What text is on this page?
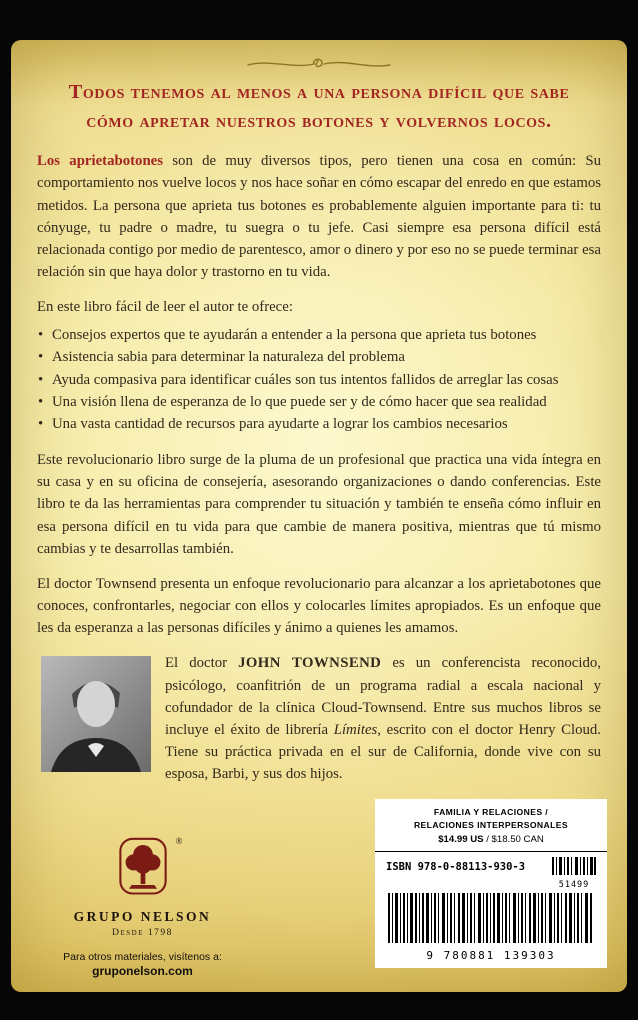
Todos tenemos al menos a una persona difícil que sabe cómo apretar nuestros botones y volvernos locos.

Los aprietabotones son de muy diversos tipos, pero tienen una cosa en común: Su comportamiento nos vuelve locos y nos hace soñar en cómo escapar del enredo en que estamos metidos. La persona que aprieta tus botones es probablemente alguien importante para ti: tu cónyuge, tu padre o madre, tu suegra o tu jefe. Casi siempre esa persona difícil está relacionada contigo por medio de parentesco, amor o dinero y por eso no se puede terminar esa relación sin que haya dolor y trastorno en tu vida.

En este libro fácil de leer el autor te ofrece:

• Consejos expertos que te ayudarán a entender a la persona que aprieta tus botones
• Asistencia sabia para determinar la naturaleza del problema
• Ayuda compasiva para identificar cuáles son tus intentos fallidos de arreglar las cosas
• Una visión llena de esperanza de lo que puede ser y de cómo hacer que sea realidad
• Una vasta cantidad de recursos para ayudarte a lograr los cambios necesarios

Este revolucionario libro surge de la pluma de un profesional que practica una vida íntegra en su casa y en su oficina de consejería, asesorando organizaciones o dando conferencias. Este libro te da las herramientas para comprender tu situación y también te enseña cómo influir en esa persona difícil en tu vida para que cambie de manera positiva, mientras que tú mismo cambias y te desarrollas también.

El doctor Townsend presenta un enfoque revolucionario para alcanzar a los aprietabotones que conoces, confrontarles, negociar con ellos y colocarles límites apropiados. Es un enfoque que les da esperanza a las personas difíciles y ánimo a quienes les amamos.

El doctor JOHN TOWNSEND es un conferencista reconocido, psicólogo, coanfitrión de un programa radial a escala nacional y cofundador de la clínica Cloud-Townsend. Entre sus muchos libros se incluye el éxito de librería Límites, escrito con el doctor Henry Cloud. Tiene su práctica privada en el sur de California, donde vive con su esposa, Barbi, y sus dos hijos.

®
GRUPO NELSON
Desde 1798
Para otros materiales, visítenos a:
gruponelson.com
FAMILIA Y RELACIONES /
RELACIONES INTERPERSONALES
$14.99 US / $18.50 CAN
ISBN 978-0-88113-930-3
51499
9 780881 139303
